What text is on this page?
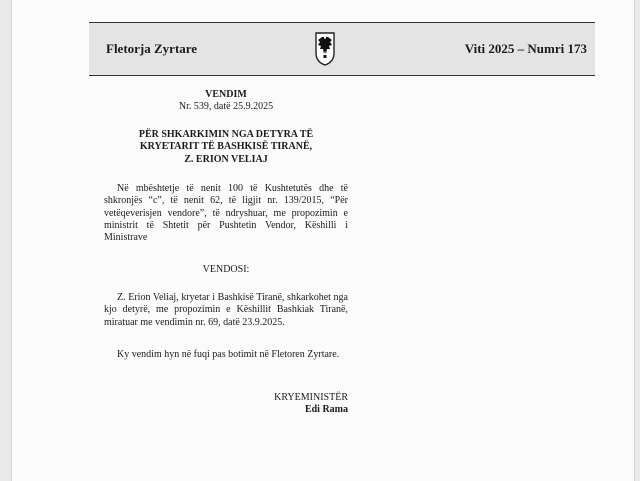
Fletorja Zyrtare	Viti 2025 – Numri 173
VENDIM
Nr. 539, datë 25.9.2025
PËR SHKARKIMIN NGA DETYRA TË
KRYETARIT TË BASHKISË TIRANË,
Z. ERION VELIAJ
Në mbështetje të nenit 100 të Kushtetutës dhe të shkronjës “c”, të nenit 62, të ligjit nr. 139/2015, “Për vetëqeverisjen vendore”, të ndryshuar, me propozimin e ministrit të Shtetit për Pushtetin Vendor, Këshilli i Ministrave
VENDOSI:
Z. Erion Veliaj, kryetar i Bashkisë Tiranë, shkarkohet nga kjo detyrë, me propozimin e Këshillit Bashkiak Tiranë, miratuar me vendimin nr. 69, datë 23.9.2025.
Ky vendim hyn në fuqi pas botimit në Fletoren Zyrtare.
KRYEMINISTËR
Edi Rama
